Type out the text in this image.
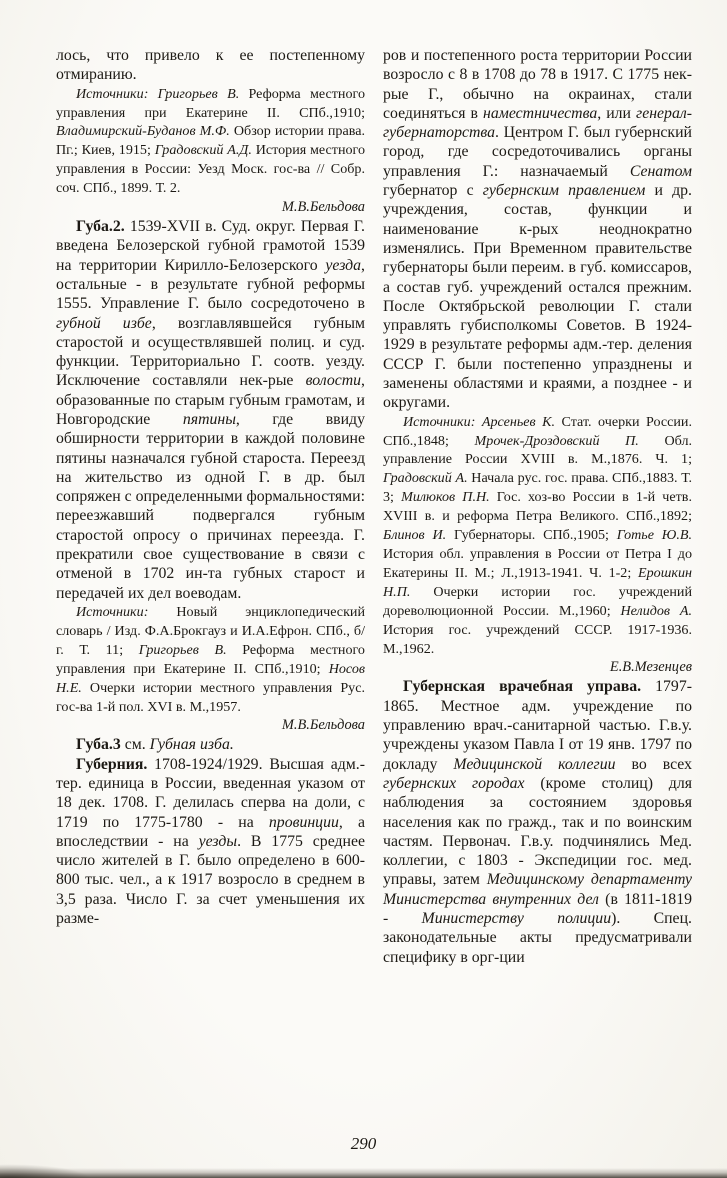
лось, что привело к ее постепенному отмиранию.

Источники: Григорьев В. Реформа местного управления при Екатерине II. СПб.,1910; Владимирский-Буданов М.Ф. Обзор истории права. Пг.; Киев, 1915; Градовский А.Д. История местного управления в России: Уезд Моск. гос-ва // Собр. соч. СПб., 1899. Т. 2.

М.В.Бельдова

Губа.2. 1539-XVII в. Суд. округ. Первая Г. введена Белозерской губной грамотой 1539 на территории Кирилло-Белозерского уезда, остальные - в результате губной реформы 1555. Управление Г. было сосредоточено в губной избе, возглавлявшейся губным старостой и осуществлявшей полиц. и суд. функции. Территориально Г. соотв. уезду. Исключение составляли нек-рые волости, образованные по старым губным грамотам, и Новгородские пятины, где ввиду обширности территории в каждой половине пятины назначался губной староста. Переезд на жительство из одной Г. в др. был сопряжен с определенными формальностями: переезжавший подвергался губным старостой опросу о причинах переезда. Г. прекратили свое существование в связи с отменой в 1702 ин-та губных старост и передачей их дел воеводам.

Источники: Новый энциклопедический словарь / Изд. Ф.А.Брокгауз и И.А.Ефрон. СПб., б/г. Т. 11; Григорьев В. Реформа местного управления при Екатерине II. СПб.,1910; Носов Н.Е. Очерки истории местного управления Рус. гос-ва 1-й пол. XVI в. М.,1957.

М.В.Бельдова

Губа.3 см. Губная изба.

Губерния. 1708-1924/1929. Высшая адм.-тер. единица в России, введенная указом от 18 дек. 1708. Г. делилась сперва на доли, с 1719 по 1775-1780 - на провинции, а впоследствии - на уезды. В 1775 среднее число жителей в Г. было определено в 600-800 тыс. чел., а к 1917 возросло в среднем в 3,5 раза. Число Г. за счет уменьшения их разме-

ров и постепенного роста территории России возросло с 8 в 1708 до 78 в 1917. С 1775 нек-рые Г., обычно на окраинах, стали соединяться в наместничества, или генерал-губернаторства. Центром Г. был губернский город, где сосредоточивались органы управления Г.: назначаемый Сенатом губернатор с губернским правлением и др. учреждения, состав, функции и наименование к-рых неоднократно изменялись. При Временном правительстве губернаторы были переим. в губ. комиссаров, а состав губ. учреждений остался прежним. После Октябрьской революции Г. стали управлять губисполкомы Советов. В 1924-1929 в результате реформы адм.-тер. деления СССР Г. были постепенно упразднены и заменены областями и краями, а позднее - и округами.

Источники: Арсеньев К. Стат. очерки России. СПб.,1848; Мрочек-Дроздовский П. Обл. управление России XVIII в. М.,1876. Ч. 1; Градовский А. Начала рус. гос. права. СПб.,1883. Т. 3; Милюков П.Н. Гос. хоз-во России в 1-й четв. XVIII в. и реформа Петра Великого. СПб.,1892; Блинов И. Губернаторы. СПб.,1905; Готье Ю.В. История обл. управления в России от Петра I до Екатерины II. М.; Л.,1913-1941. Ч. 1-2; Ерошкин Н.П. Очерки истории гос. учреждений дореволюционной России. М.,1960; Нелидов А. История гос. учреждений СССР. 1917-1936. М.,1962.

Е.В.Мезенцев

Губернская врачебная управа. 1797-1865. Местное адм. учреждение по управлению врач.-санитарной частью. Г.в.у. учреждены указом Павла I от 19 янв. 1797 по докладу Медицинской коллегии во всех губернских городах (кроме столиц) для наблюдения за состоянием здоровья населения как по гражд., так и по воинским частям. Первонач. Г.в.у. подчинялись Мед. коллегии, с 1803 - Экспедиции гос. мед. управы, затем Медицинскому департаменту Министерства внутренних дел (в 1811-1819 - Министерству полиции). Спец. законодательные акты предусматривали специфику в орг-ции

290
